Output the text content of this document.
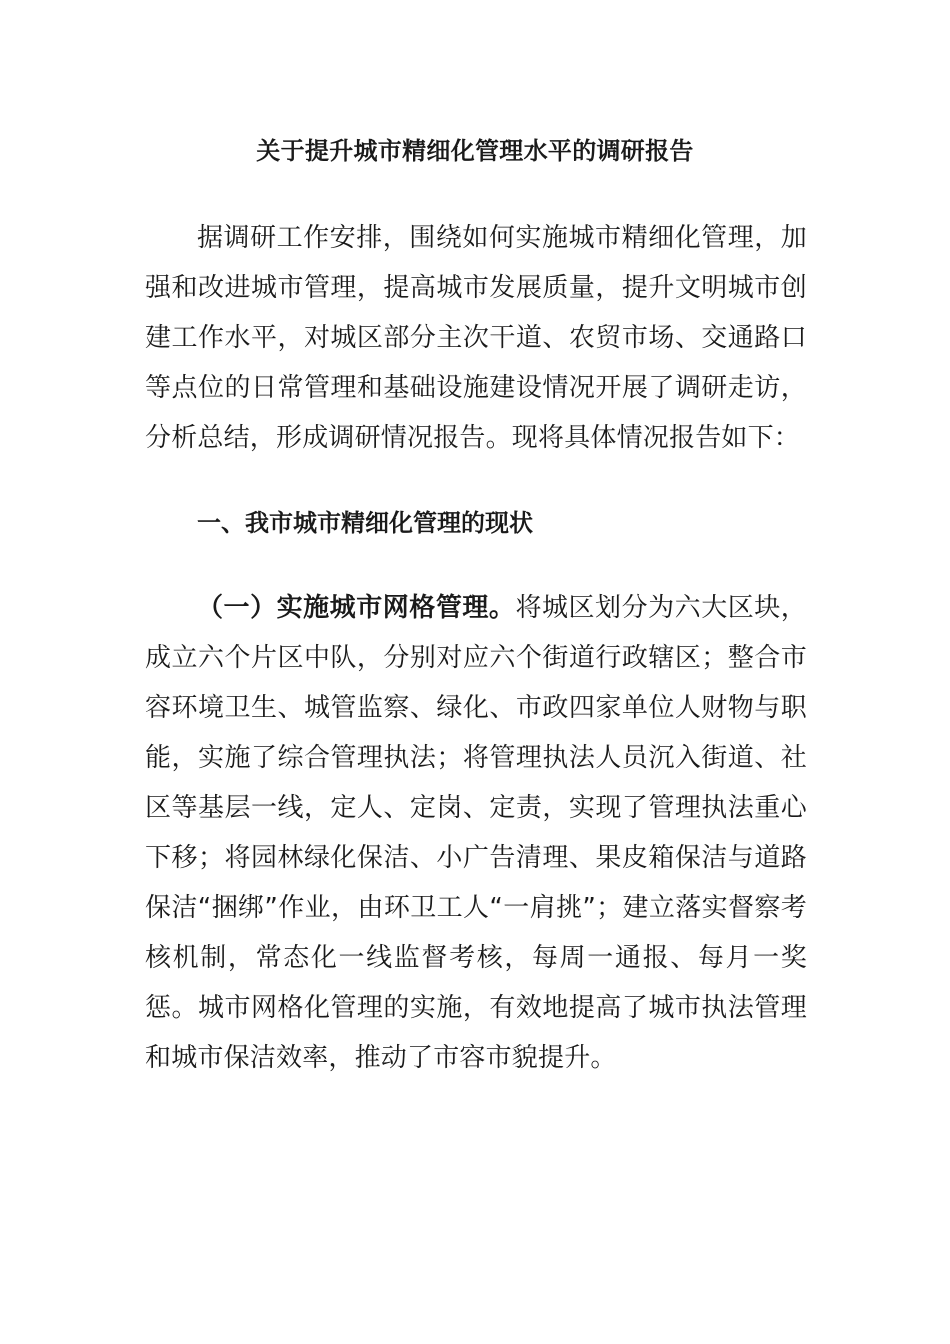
关于提升城市精细化管理水平的调研报告

据调研工作安排，围绕如何实施城市精细化管理，加强和改进城市管理，提高城市发展质量，提升文明城市创建工作水平，对城区部分主次干道、农贸市场、交通路口等点位的日常管理和基础设施建设情况开展了调研走访，分析总结，形成调研情况报告。现将具体情况报告如下：

一、我市城市精细化管理的现状

（一）实施城市网格管理。将城区划分为六大区块，成立六个片区中队，分别对应六个街道行政辖区；整合市容环境卫生、城管监察、绿化、市政四家单位人财物与职能，实施了综合管理执法；将管理执法人员沉入街道、社区等基层一线，定人、定岗、定责，实现了管理执法重心下移；将园林绿化保洁、小广告清理、果皮箱保洁与道路保洁“捆绑”作业，由环卫工人“一肩挑”；建立落实督察考核机制，常态化一线监督考核，每周一通报、每月一奖惩。城市网格化管理的实施，有效地提高了城市执法管理和城市保洁效率，推动了市容市貌提升。
